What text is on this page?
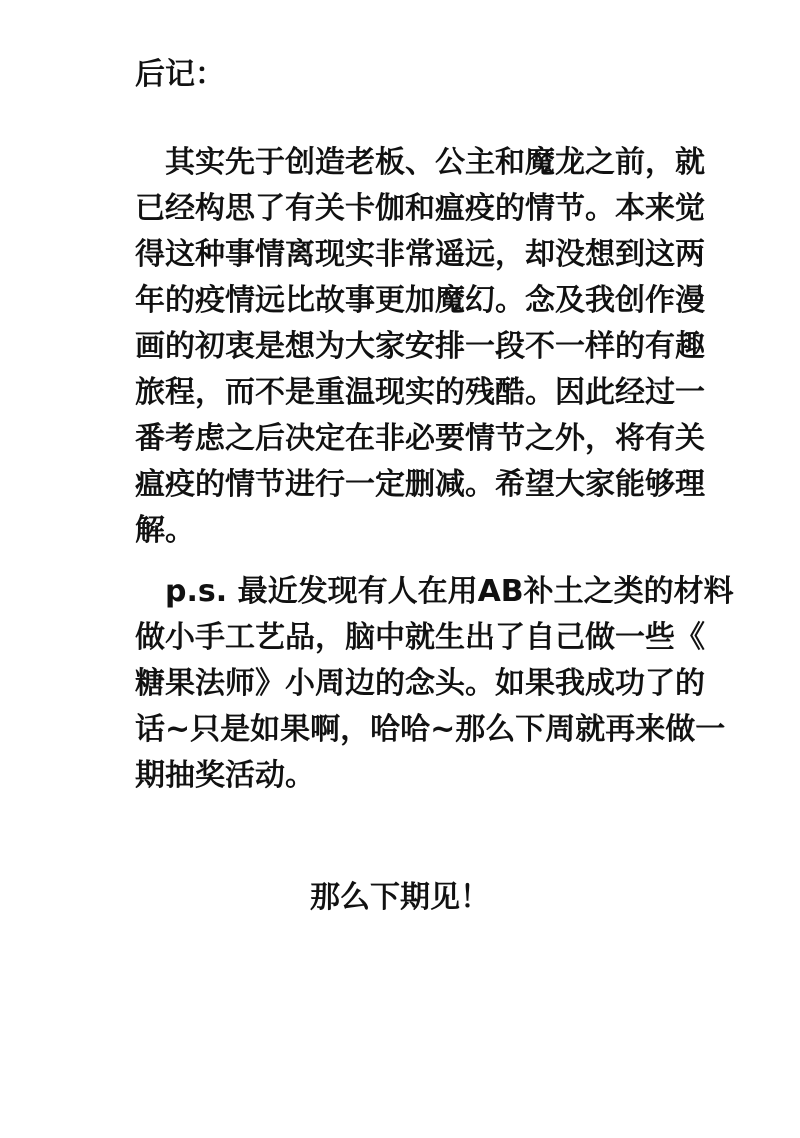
后记：
　其实先于创造老板、公主和魔龙之前，就
已经构思了有关卡伽和瘟疫的情节。本来觉
得这种事情离现实非常遥远，却没想到这两
年的疫情远比故事更加魔幻。念及我创作漫
画的初衷是想为大家安排一段不一样的有趣
旅程，而不是重温现实的残酷。因此经过一
番考虑之后决定在非必要情节之外，将有关
瘟疫的情节进行一定删减。希望大家能够理
解。
　p.s. 最近发现有人在用AB补土之类的材料
做小手工艺品，脑中就生出了自己做一些《
糖果法师》小周边的念头。如果我成功了的
话~只是如果啊，哈哈~那么下周就再来做一
期抽奖活动。
那么下期见！
